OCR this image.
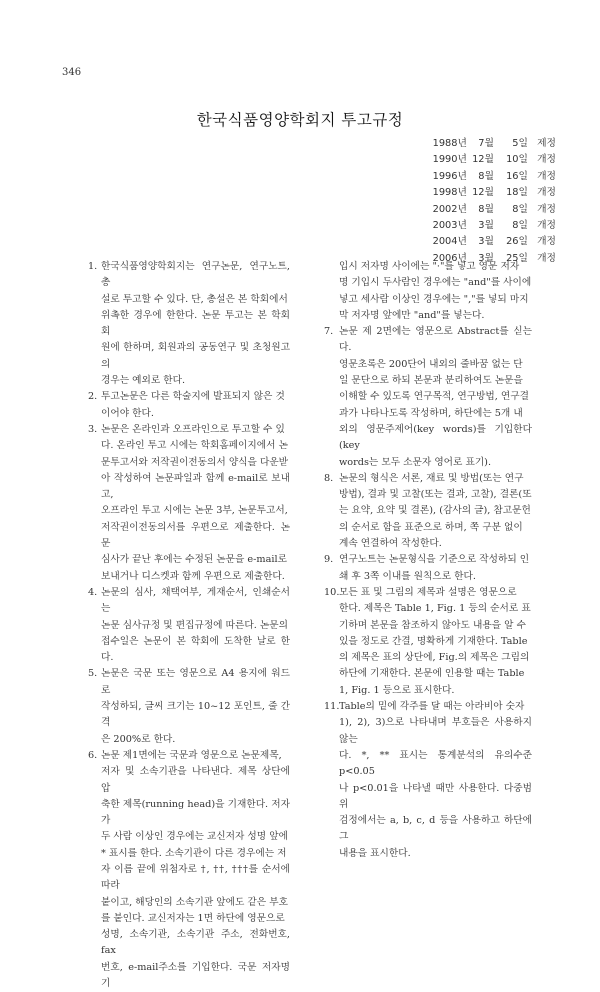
346
한국식품영양학회지 투고규정
1988년	7월	5일 제정
1990년 12월	10일 개정
1996년	8월	16일 개정
1998년 12월	18일 개정
2002년	8월	8일 개정
2003년	3월	8일 개정
2004년	3월	26일 개정
2006년	3월	25일 개정
1. 한국식품영양학회지는 연구논문, 연구노트, 총
설로 투고할 수 있다. 단, 총설은 본 학회에서
위촉한 경우에 한한다. 논문 투고는 본 학회 회
원에 한하며, 회원과의 공동연구 및 초청원고의
경우는 예외로 한다.
2. 투고논문은 다른 학술지에 발표되지 않은 것
이어야 한다.
3. 논문은 온라인과 오프라인으로 투고할 수 있
다. 온라인 투고 시에는 학회홈페이지에서 논
문투고서와 저작권이전동의서 양식을 다운받
아 작성하여 논문파일과 함께 e-mail로 보내고,
오프라인 투고 시에는 논문 3부, 논문투고서,
저작권이전동의서를 우편으로 제출한다. 논문
심사가 끝난 후에는 수정된 논문을 e-mail로
보내거나 디스켓과 함께 우편으로 제출한다.
4. 논문의 심사, 채택여부, 게재순서, 인쇄순서는
논문 심사규정 및 편집규정에 따른다. 논문의
접수일은 논문이 본 학회에 도착한 날로 한다.
5. 논문은 국문 또는 영문으로 A4 용지에 워드로
작성하되, 글씨 크기는 10~12 포인트, 줄 간격
은 200%로 한다.
6. 논문 제1면에는 국문과 영문으로 논문제목,
저자 및 소속기관을 나타낸다. 제목 상단에 압
축한 제목(running head)을 기재한다. 저자가
두 사람 이상인 경우에는 교신저자 성명 앞에
* 표시를 한다. 소속기관이 다른 경우에는 저
자 이름 끝에 위첨자로 †, ††, †††를 순서에 따라
붙이고, 해당인의 소속기관 앞에도 같은 부호
를 붙인다. 교신저자는 1면 하단에 영문으로
성명, 소속기관, 소속기관 주소, 전화번호, fax
번호, e-mail주소를 기입한다. 국문 저자명 기
입시 저자명 사이에는 "·"를 넣고 영문 저자
명 기입시 두사람인 경우에는 "and"를 사이에
넣고 세사람 이상인 경우에는 ","를 넣되 마지
막 저자명 앞에만 "and"를 넣는다.
7. 논문 제 2면에는 영문으로 Abstract를 싣는다.
영문초록은 200단어 내외의 줄바꿈 없는 단
일 문단으로 하되 본문과 분리하여도 논문을
이해할 수 있도록 연구목적, 연구방법, 연구결
과가 나타나도록 작성하며, 하단에는 5개 내
외의 영문주제어(key words)를 기입한다(key
words는 모두 소문자 영어로 표기).
8. 논문의 형식은 서론, 재료 및 방법(또는 연구
방법), 결과 및 고찰(또는 결과, 고찰), 결론(또
는 요약, 요약 및 결론), (감사의 글), 참고문헌
의 순서로 함을 표준으로 하며, 쪽 구분 없이
계속 연결하여 작성한다.
9. 연구노트는 논문형식을 기준으로 작성하되 인
쇄 후 3쪽 이내를 원칙으로 한다.
10. 모든 표 및 그림의 제목과 설명은 영문으로
한다. 제목은 Table 1, Fig. 1 등의 순서로 표
기하며 본문을 참조하지 않아도 내용을 알 수
있을 정도로 간결, 명확하게 기재한다. Table
의 제목은 표의 상단에, Fig.의 제목은 그림의
하단에 기재한다. 본문에 인용할 때는 Table
1, Fig. 1 등으로 표시한다.
11. Table의 밑에 각주를 달 때는 아라비아 숫자
1), 2), 3)으로 나타내며 부호들은 사용하지 않는
다. *, ** 표시는 통계분석의 유의수준 p<0.05
나 p<0.01을 나타낼 때만 사용한다. 다중범위
검정에서는 a, b, c, d 등을 사용하고 하단에 그
내용을 표시한다.
